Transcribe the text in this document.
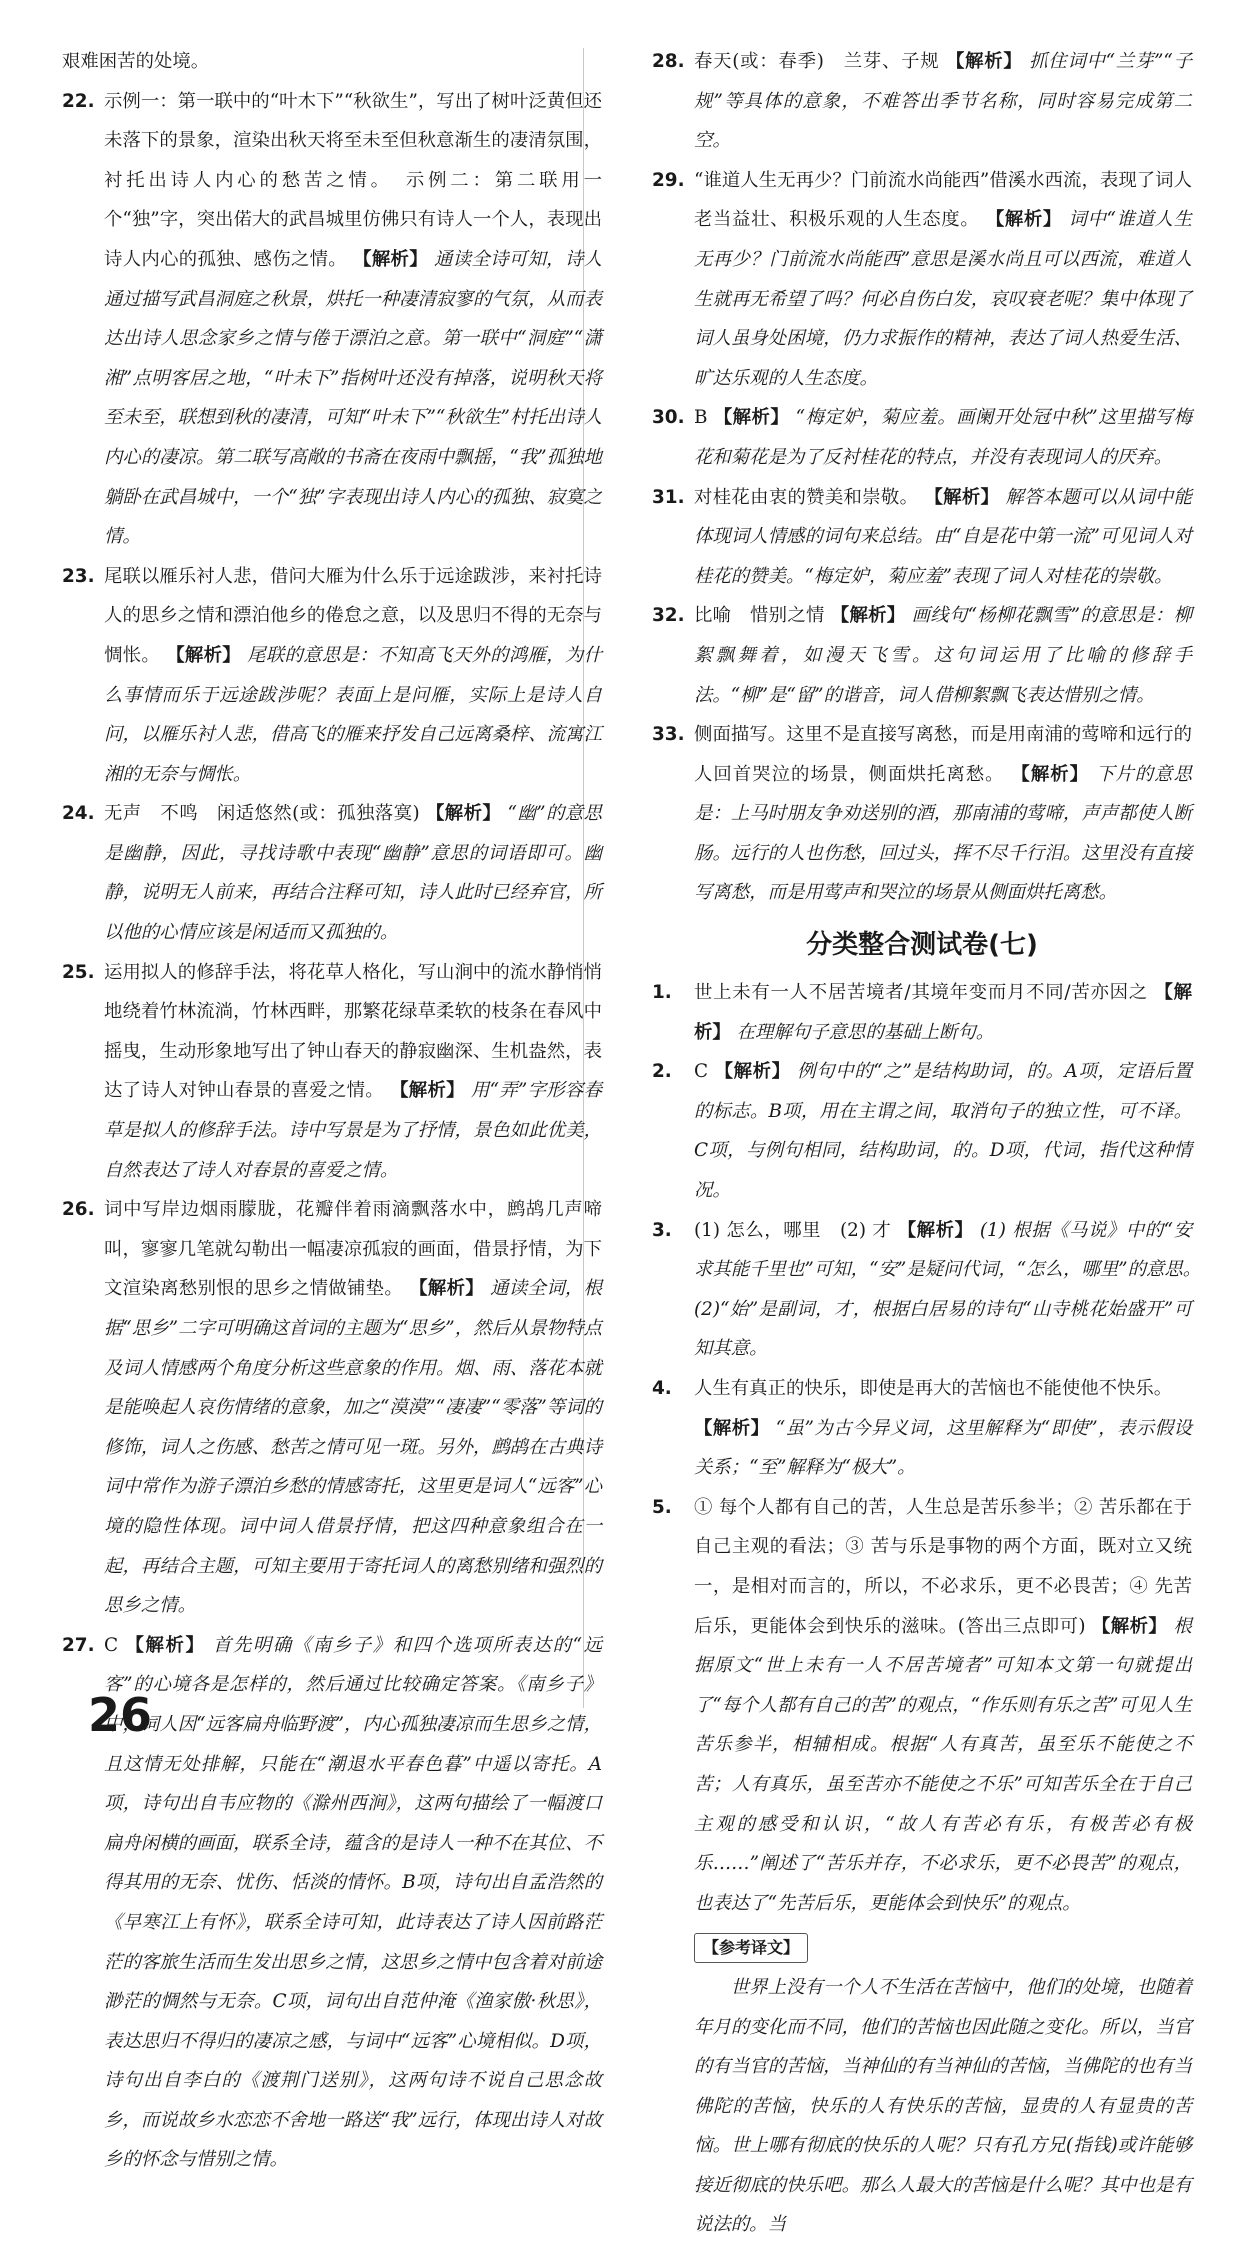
艰难困苦的处境。

22. 示例一：第一联中的“叶木下”“秋欲生”，写出了树叶泛黄但还未落下的景象，渲染出秋天将至未至但秋意渐生的凄清氛围，衬托出诗人内心的愁苦之情。　示例二：第二联用一个“独”字，突出偌大的武昌城里仿佛只有诗人一个人，表现出诗人内心的孤独、感伤之情。 【解析】 通读全诗可知，诗人通过描写武昌洞庭之秋景，烘托一种凄清寂寥的气氛，从而表达出诗人思念家乡之情与倦于漂泊之意。第一联中“洞庭”“潇湘”点明客居之地，“叶未下”指树叶还没有掉落，说明秋天将至未至，联想到秋的凄清，可知“叶未下”“秋欲生”村托出诗人内心的凄凉。第二联写高敞的书斋在夜雨中飘摇，“我”孤独地躺卧在武昌城中，一个“独”字表现出诗人内心的孤独、寂寞之情。

23. 尾联以雁乐衬人悲，借问大雁为什么乐于远途跋涉，来衬托诗人的思乡之情和漂泊他乡的倦怠之意，以及思归不得的无奈与惆怅。 【解析】 尾联的意思是：不知高飞天外的鸿雁，为什么事情而乐于远途跋涉呢？表面上是问雁，实际上是诗人自问，以雁乐衬人悲，借高飞的雁来抒发自己远离桑梓、流寓江湘的无奈与惆怅。

24. 无声　不鸣　闲适悠然(或：孤独落寞) 【解析】 “幽”的意思是幽静，因此，寻找诗歌中表现“幽静”意思的词语即可。幽静，说明无人前来，再结合注释可知，诗人此时已经弃官，所以他的心情应该是闲适而又孤独的。

25. 运用拟人的修辞手法，将花草人格化，写山涧中的流水静悄悄地绕着竹林流淌，竹林西畔，那繁花绿草柔软的枝条在春风中摇曳，生动形象地写出了钟山春天的静寂幽深、生机盎然，表达了诗人对钟山春景的喜爱之情。 【解析】 用“弄”字形容春草是拟人的修辞手法。诗中写景是为了抒情，景色如此优美，自然表达了诗人对春景的喜爱之情。

26. 词中写岸边烟雨朦胧，花瓣伴着雨滴飘落水中，鹧鸪几声啼叫，寥寥几笔就勾勒出一幅凄凉孤寂的画面，借景抒情，为下文渲染离愁别恨的思乡之情做铺垫。 【解析】 通读全词，根据“思乡”二字可明确这首词的主题为“思乡”，然后从景物特点及词人情感两个角度分析这些意象的作用。烟、雨、落花本就是能唤起人哀伤情绪的意象，加之“漠漠”“凄凄”“零落”等词的修饰，词人之伤感、愁苦之情可见一斑。另外，鹧鸪在古典诗词中常作为游子漂泊乡愁的情感寄托，这里更是词人“远客”心境的隐性体现。词中词人借景抒情，把这四种意象组合在一起，再结合主题，可知主要用于寄托词人的离愁别绪和强烈的思乡之情。

27. C 【解析】 首先明确《南乡子》和四个选项所表达的“远客”的心境各是怎样的，然后通过比较确定答案。《南乡子》中，词人因“远客扁舟临野渡”，内心孤独凄凉而生思乡之情，且这情无处排解，只能在“潮退水平春色暮”中遥以寄托。A项，诗句出自韦应物的《滁州西涧》，这两句描绘了一幅渡口扁舟闲横的画面，联系全诗，蕴含的是诗人一种不在其位、不得其用的无奈、忧伤、恬淡的情怀。B项，诗句出自孟浩然的《早寒江上有怀》，联系全诗可知，此诗表达了诗人因前路茫茫的客旅生活而生发出思乡之情，这思乡之情中包含着对前途渺茫的惆然与无奈。C项，词句出自范仲淹《渔家傲·秋思》，表达思归不得归的凄凉之感，与词中“远客”心境相似。D项，诗句出自李白的《渡荆门送别》，这两句诗不说自己思念故乡，而说故乡水恋恋不舍地一路送“我”远行，体现出诗人对故乡的怀念与惜别之情。

28. 春天(或：春季)　兰芽、子规 【解析】 抓住词中“兰芽”“子规”等具体的意象，不难答出季节名称，同时容易完成第二空。

29. “谁道人生无再少？门前流水尚能西”借溪水西流，表现了词人老当益壮、积极乐观的人生态度。 【解析】 词中“谁道人生无再少？门前流水尚能西”意思是溪水尚且可以西流，难道人生就再无希望了吗？何必自伤白发，哀叹衰老呢？集中体现了词人虽身处困境，仍力求振作的精神，表达了词人热爱生活、旷达乐观的人生态度。

30. B 【解析】 “梅定妒，菊应羞。画阑开处冠中秋”这里描写梅花和菊花是为了反衬桂花的特点，并没有表现词人的厌弃。

31. 对桂花由衷的赞美和崇敬。 【解析】 解答本题可以从词中能体现词人情感的词句来总结。由“自是花中第一流”可见词人对桂花的赞美。“梅定妒，菊应羞”表现了词人对桂花的崇敬。

32. 比喻　惜别之情 【解析】 画线句“杨柳花飘雪”的意思是：柳絮飘舞着，如漫天飞雪。这句词运用了比喻的修辞手法。“柳”是“留”的谐音，词人借柳絮飘飞表达惜别之情。

33. 侧面描写。这里不是直接写离愁，而是用南浦的莺啼和远行的人回首哭泣的场景，侧面烘托离愁。 【解析】 下片的意思是：上马时朋友争劝送别的酒，那南浦的莺啼，声声都使人断肠。远行的人也伤愁，回过头，挥不尽千行泪。这里没有直接写离愁，而是用莺声和哭泣的场景从侧面烘托离愁。

分类整合测试卷(七)

1. 世上未有一人不居苦境者/其境年变而月不同/苦亦因之 【解析】 在理解句子意思的基础上断句。

2. C 【解析】 例句中的“之”是结构助词，的。A项，定语后置的标志。B项，用在主谓之间，取消句子的独立性，可不译。C项，与例句相同，结构助词，的。D项，代词，指代这种情况。

3. (1) 怎么，哪里　(2) 才 【解析】 (1) 根据《马说》中的“安求其能千里也”可知，“安”是疑问代词，“怎么，哪里”的意思。　(2)“始”是副词，才，根据白居易的诗句“山寺桃花始盛开”可知其意。

4. 人生有真正的快乐，即使是再大的苦恼也不能使他不快乐。

【解析】 “虽”为古今异义词，这里解释为“即使”，表示假设关系；“至”解释为“极大”。

5. ① 每个人都有自己的苦，人生总是苦乐参半；② 苦乐都在于自己主观的看法；③ 苦与乐是事物的两个方面，既对立又统一，是相对而言的，所以，不必求乐，更不必畏苦；④ 先苦后乐，更能体会到快乐的滋味。(答出三点即可) 【解析】 根据原文“世上未有一人不居苦境者”可知本文第一句就提出了“每个人都有自己的苦”的观点，“作乐则有乐之苦”可见人生苦乐参半，相辅相成。根据“人有真苦，虽至乐不能使之不苦；人有真乐，虽至苦亦不能使之不乐”可知苦乐全在于自己主观的感受和认识，“故人有苦必有乐，有极苦必有极乐……”阐述了“苦乐并存，不必求乐，更不必畏苦”的观点，也表达了“先苦后乐，更能体会到快乐”的观点。

【参考译文】

世界上没有一个人不生活在苦恼中，他们的处境，也随着年月的变化而不同，他们的苦恼也因此随之变化。所以，当官的有当官的苦恼，当神仙的有当神仙的苦恼，当佛陀的也有当佛陀的苦恼，快乐的人有快乐的苦恼，显贵的人有显贵的苦恼。世上哪有彻底的快乐的人呢？只有孔方兄(指钱)或许能够接近彻底的快乐吧。那么人最大的苦恼是什么呢？其中也是有说法的。当

26
